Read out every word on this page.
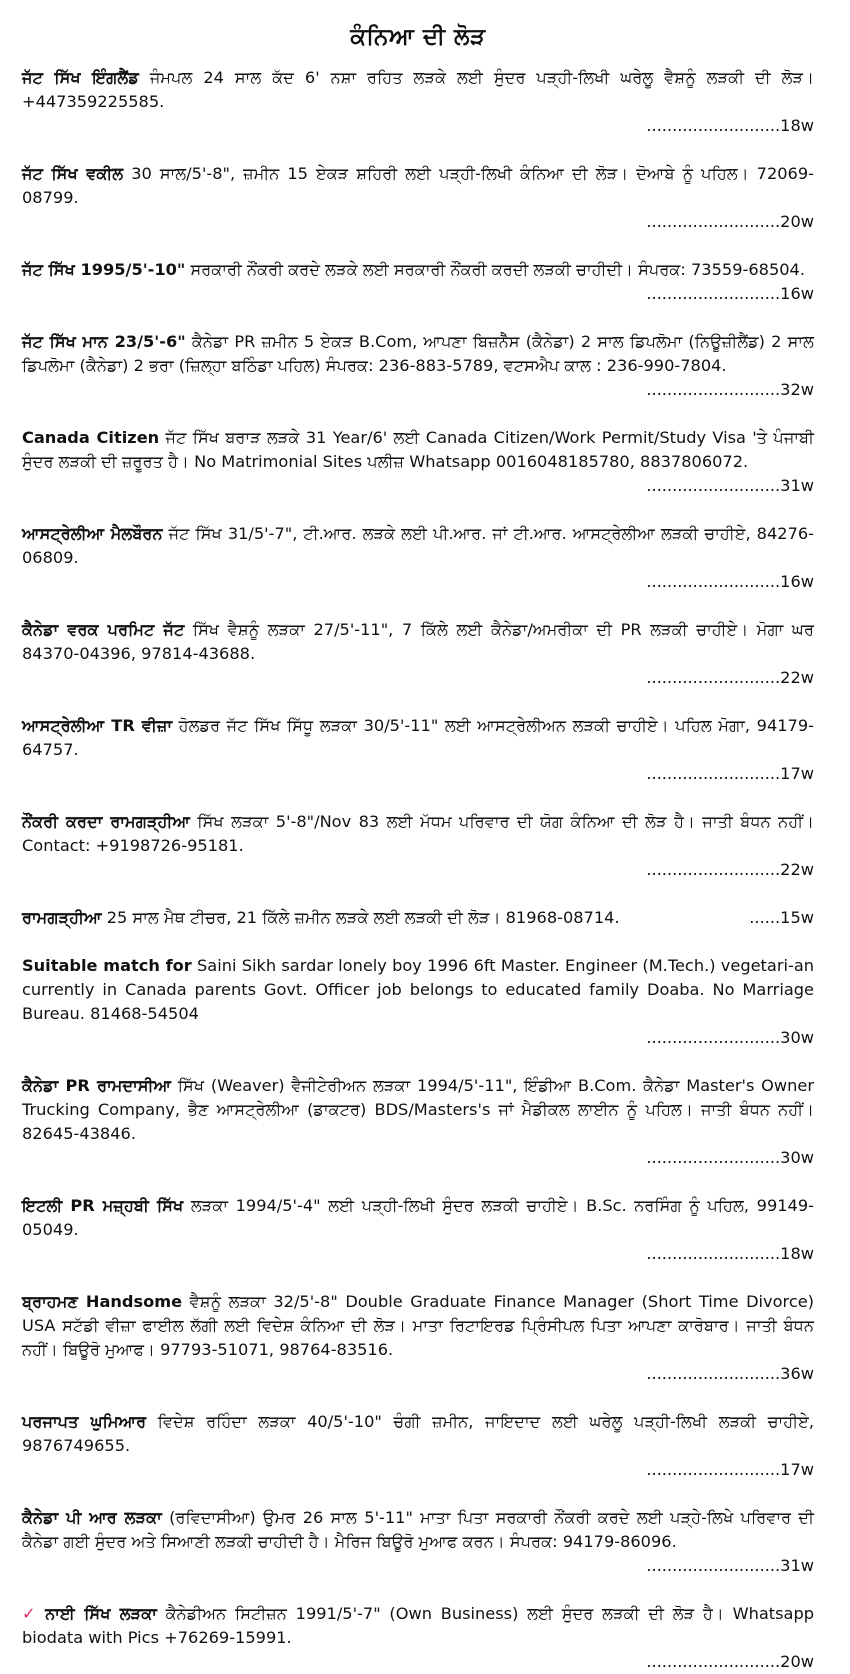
ਕੰਨਿਆ ਦੀ ਲੋੜ
ਜੱਟ ਸਿੱਖ ਇੰਗਲੈਂਡ ਜੰਮਪਲ 24 ਸਾਲ ਕੱਦ 6' ਨਸ਼ਾ ਰਹਿਤ ਲੜਕੇ ਲਈ ਸੁੰਦਰ ਪੜ੍ਹੀ-ਲਿਖੀ ਘਰੇਲੂ ਵੈਸ਼ਨੂੰ ਲੜਕੀ ਦੀ ਲੋੜ। +447359225585.
..........................18w
ਜੱਟ ਸਿੱਖ ਵਕੀਲ 30 ਸਾਲ/5'-8", ਜ਼ਮੀਨ 15 ਏਕੜ ਸ਼ਹਿਰੀ ਲਈ ਪੜ੍ਹੀ-ਲਿਖੀ ਕੰਨਿਆ ਦੀ ਲੋੜ। ਦੋਆਬੇ ਨੂੰ ਪਹਿਲ। 72069-08799.
..........................20w
ਜੱਟ ਸਿੱਖ 1995/5'-10" ਸਰਕਾਰੀ ਨੌਂਕਰੀ ਕਰਦੇ ਲੜਕੇ ਲਈ ਸਰਕਾਰੀ ਨੌਂਕਰੀ ਕਰਦੀ ਲੜਕੀ ਚਾਹੀਦੀ। ਸੰਪਰਕ: 73559-68504.
..........................16w
ਜੱਟ ਸਿੱਖ ਮਾਨ 23/5'-6" ਕੈਨੇਡਾ PR ਜ਼ਮੀਨ 5 ਏਕੜ B.Com, ਆਪਣਾ ਬਿਜ਼ਨੈੱਸ (ਕੈਨੇਡਾ) 2 ਸਾਲ ਡਿਪਲੋਮਾ (ਨਿਊਜ਼ੀਲੈਂਡ) 2 ਸਾਲ ਡਿਪਲੋਮਾ (ਕੈਨੇਡਾ) 2 ਭਰਾ (ਜ਼ਿਲ੍ਹਾ ਬਠਿੰਡਾ ਪਹਿਲ) ਸੰਪਰਕ: 236-883-5789, ਵਟਸਐਪ ਕਾਲ : 236-990-7804.
..........................32w
Canada Citizen ਜੱਟ ਸਿੱਖ ਬਰਾੜ ਲੜਕੇ 31 Year/6' ਲਈ Canada Citizen/Work Permit/Study Visa 'ਤੇ ਪੰਜਾਬੀ ਸੁੰਦਰ ਲੜਕੀ ਦੀ ਜ਼ਰੂਰਤ ਹੈ। No Matrimonial Sites ਪਲੀਜ਼ Whatsapp 0016048185780, 8837806072.
..........................31w
ਆਸਟ੍ਰੇਲੀਆ ਮੈਲਬੌਰਨ ਜੱਟ ਸਿੱਖ 31/5'-7", ਟੀ.ਆਰ. ਲੜਕੇ ਲਈ ਪੀ.ਆਰ. ਜਾਂ ਟੀ.ਆਰ. ਆਸਟ੍ਰੇਲੀਆ ਲੜਕੀ ਚਾਹੀਏ, 84276-06809.
..........................16w
ਕੈਨੇਡਾ ਵਰਕ ਪਰਮਿਟ ਜੱਟ ਸਿੱਖ ਵੈਸ਼ਨੂੰ ਲੜਕਾ 27/5'-11", 7 ਕਿੱਲੇ ਲਈ ਕੈਨੇਡਾ/ਅਮਰੀਕਾ ਦੀ PR ਲੜਕੀ ਚਾਹੀਏ। ਮੋਗਾ ਘਰ 84370-04396, 97814-43688.
..........................22w
ਆਸਟ੍ਰੇਲੀਆ TR ਵੀਜ਼ਾ ਹੋਲਡਰ ਜੱਟ ਸਿੱਖ ਸਿੱਧੂ ਲੜਕਾ 30/5'-11" ਲਈ ਆਸਟ੍ਰੇਲੀਅਨ ਲੜਕੀ ਚਾਹੀਏ। ਪਹਿਲ ਮੋਗਾ, 94179-64757.
..........................17w
ਨੌਂਕਰੀ ਕਰਦਾ ਰਾਮਗੜ੍ਹੀਆ ਸਿੱਖ ਲੜਕਾ 5'-8"/Nov 83 ਲਈ ਮੱਧਮ ਪਰਿਵਾਰ ਦੀ ਯੋਗ ਕੰਨਿਆ ਦੀ ਲੋੜ ਹੈ। ਜਾਤੀ ਬੰਧਨ ਨਹੀਂ। Contact: +9198726-95181.
..........................22w
ਰਾਮਗੜ੍ਹੀਆ 25 ਸਾਲ ਮੈਥ ਟੀਚਰ, 21 ਕਿੱਲੇ ਜ਼ਮੀਨ ਲੜਕੇ ਲਈ ਲੜਕੀ ਦੀ ਲੋੜ। 81968-08714.	......15w
Suitable match for Saini Sikh sardar lonely boy 1996 6ft Master. Engineer (M.Tech.) vegetari-an currently in Canada parents Govt. Officer job belongs to educated family Doaba. No Marriage Bureau. 81468-54504
..........................30w
ਕੈਨੇਡਾ PR ਰਾਮਦਾਸੀਆ ਸਿੱਖ (Weaver) ਵੈਜੀਟੇਰੀਅਨ ਲੜਕਾ 1994/5'-11", ਇੰਡੀਆ B.Com. ਕੈਨੇਡਾ Master's Owner Trucking Company, ਭੈਣ ਆਸਟ੍ਰੇਲੀਆ (ਡਾਕਟਰ) BDS/Masters's ਜਾਂ ਮੈਡੀਕਲ ਲਾਈਨ ਨੂੰ ਪਹਿਲ। ਜਾਤੀ ਬੰਧਨ ਨਹੀਂ। 82645-43846.
..........................30w
ਇਟਲੀ PR ਮਜ਼੍ਹਬੀ ਸਿੱਖ ਲੜਕਾ 1994/5'-4" ਲਈ ਪੜ੍ਹੀ-ਲਿਖੀ ਸੁੰਦਰ ਲੜਕੀ ਚਾਹੀਏ। B.Sc. ਨਰਸਿੰਗ ਨੂੰ ਪਹਿਲ, 99149-05049.
..........................18w
ਬ੍ਰਾਹਮਣ Handsome ਵੈਸ਼ਨੂੰ ਲੜਕਾ 32/5'-8" Double Graduate Finance Manager (Short Time Divorce) USA ਸਟੱਡੀ ਵੀਜ਼ਾ ਫਾਈਲ ਲੱਗੀ ਲਈ ਵਿਦੇਸ਼ ਕੰਨਿਆ ਦੀ ਲੋੜ। ਮਾਤਾ ਰਿਟਾਇਰਡ ਪ੍ਰਿੰਸੀਪਲ ਪਿਤਾ ਆਪਣਾ ਕਾਰੋਬਾਰ। ਜਾਤੀ ਬੰਧਨ ਨਹੀਂ। ਬਿਊਰੋ ਮੁਆਫ। 97793-51071, 98764-83516.
..........................36w
ਪਰਜਾਪਤ ਘੁਮਿਆਰ ਵਿਦੇਸ਼ ਰਹਿੰਦਾ ਲੜਕਾ 40/5'-10" ਚੰਗੀ ਜ਼ਮੀਨ, ਜਾਇਦਾਦ ਲਈ ਘਰੇਲੂ ਪੜ੍ਹੀ-ਲਿਖੀ ਲੜਕੀ ਚਾਹੀਏ, 9876749655.
..........................17w
ਕੈਨੇਡਾ ਪੀ ਆਰ ਲੜਕਾ (ਰਵਿਦਾਸੀਆ) ਉਮਰ 26 ਸਾਲ 5'-11" ਮਾਤਾ ਪਿਤਾ ਸਰਕਾਰੀ ਨੌਂਕਰੀ ਕਰਦੇ ਲਈ ਪੜ੍ਹੇ-ਲਿਖੇ ਪਰਿਵਾਰ ਦੀ ਕੈਨੇਡਾ ਗਈ ਸੁੰਦਰ ਅਤੇ ਸਿਆਣੀ ਲੜਕੀ ਚਾਹੀਦੀ ਹੈ। ਮੈਰਿਜ ਬਿਊਰੋ ਮੁਆਫ ਕਰਨ। ਸੰਪਰਕ: 94179-86096.
..........................31w
✓ ਨਾਈ ਸਿੱਖ ਲੜਕਾ ਕੈਨੇਡੀਅਨ ਸਿਟੀਜ਼ਨ 1991/5'-7" (Own Business) ਲਈ ਸੁੰਦਰ ਲੜਕੀ ਦੀ ਲੋੜ ਹੈ। Whatsapp biodata with Pics +76269-15991.
..........................20w
